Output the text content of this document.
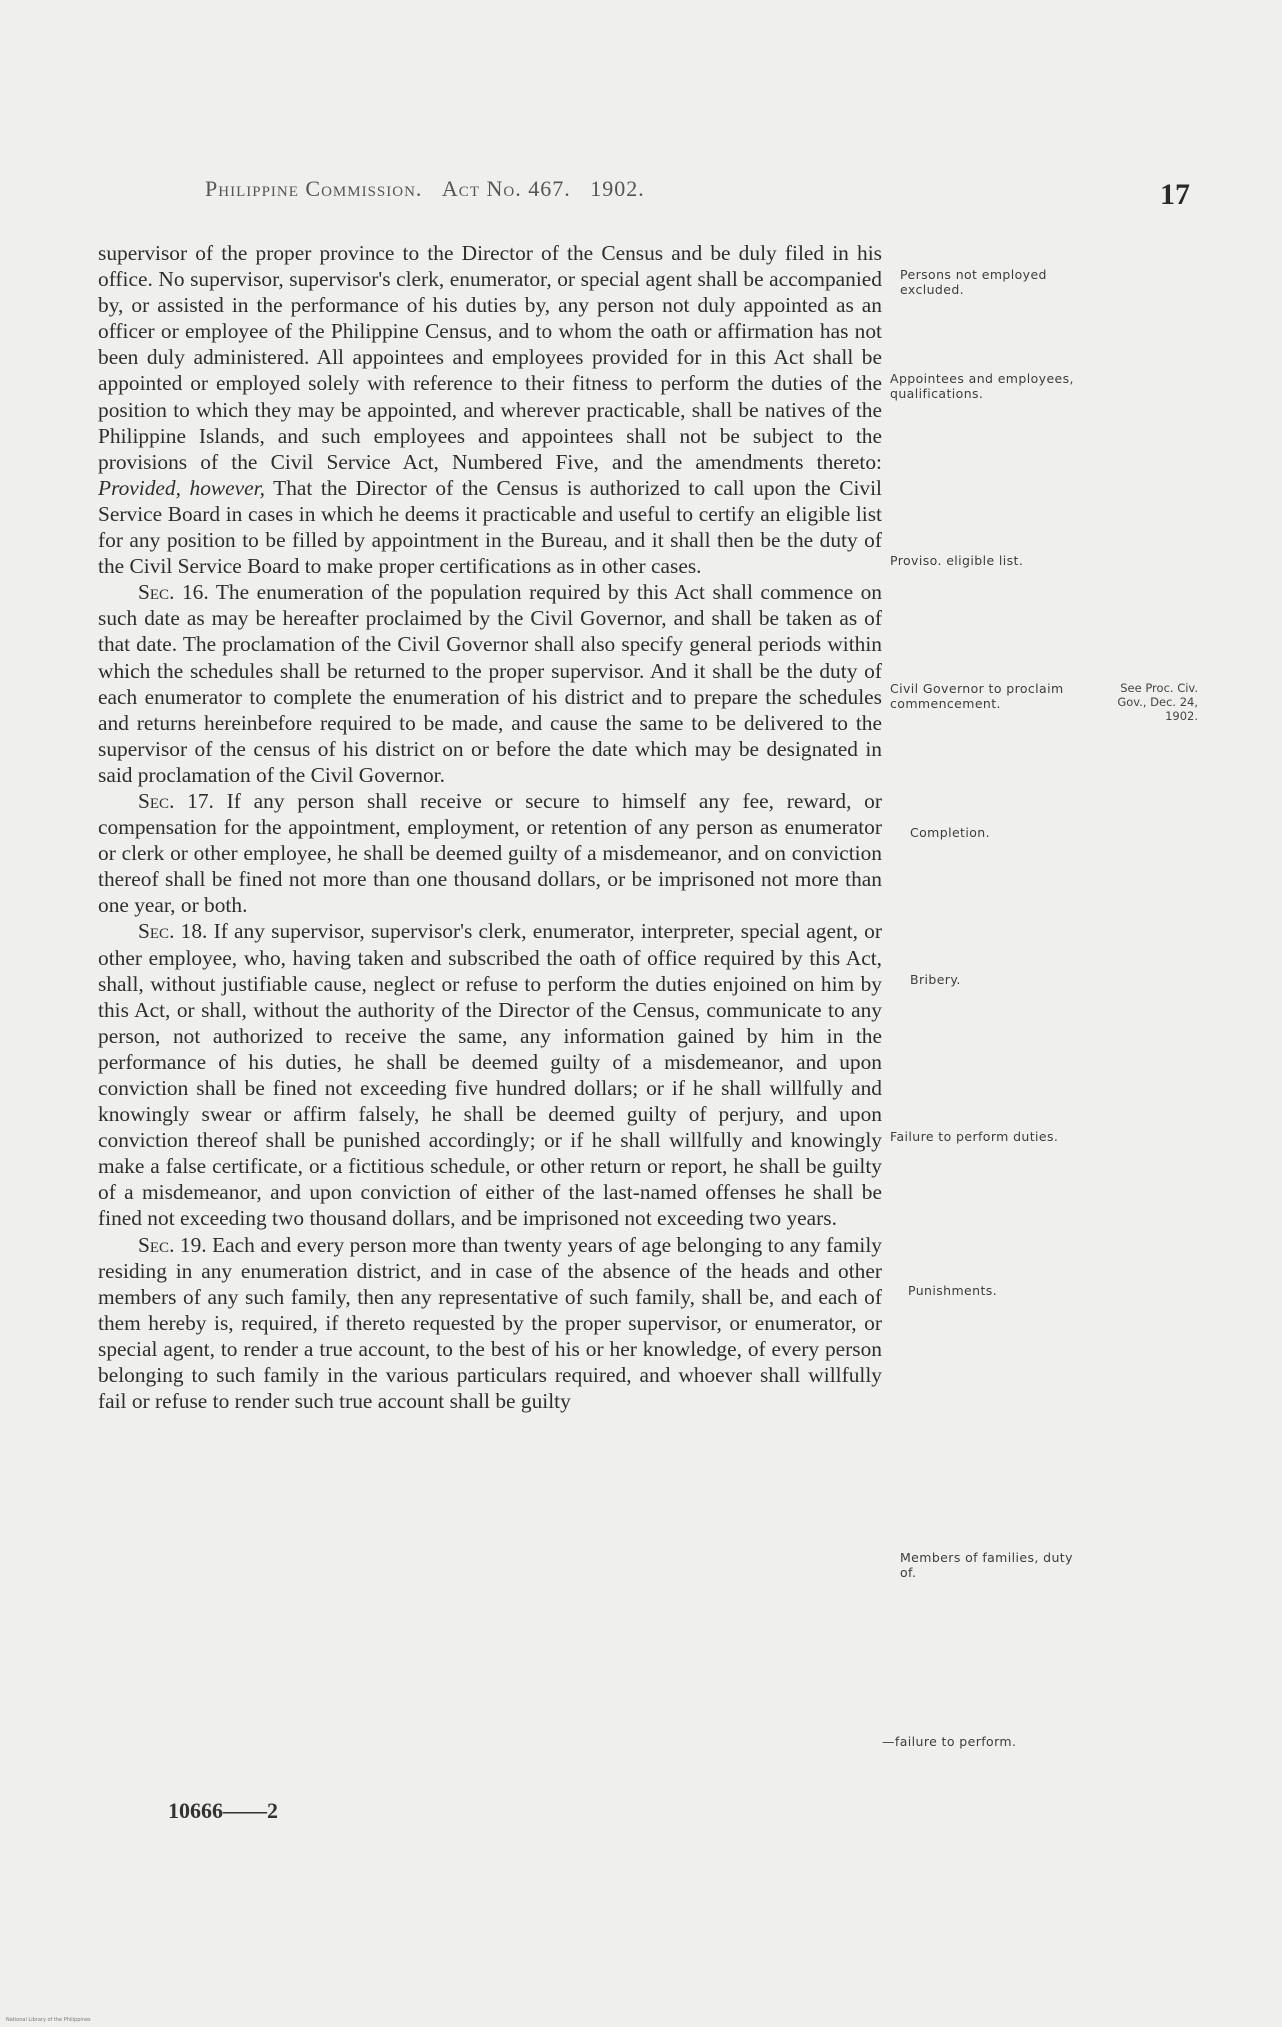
Philippine Commission. Act No. 467. 1902.	17

supervisor of the proper province to the Director of the Census and be duly filed in his office. No supervisor, supervisor's clerk, enumerator, or special agent shall be accompanied by, or assisted in the performance of his duties by, any person not duly appointed as an officer or employee of the Philippine Census, and to whom the oath or affirmation has not been duly administered. All appointees and employees provided for in this Act shall be appointed or employed solely with reference to their fitness to perform the duties of the position to which they may be appointed, and wherever practicable, shall be natives of the Philippine Islands, and such employees and appointees shall not be subject to the provisions of the Civil Service Act, Numbered Five, and the amendments thereto: Provided, however, That the Director of the Census is authorized to call upon the Civil Service Board in cases in which he deems it practicable and useful to certify an eligible list for any position to be filled by appointment in the Bureau, and it shall then be the duty of the Civil Service Board to make proper certifications as in other cases.

Sec. 16. The enumeration of the population required by this Act shall commence on such date as may be hereafter proclaimed by the Civil Governor, and shall be taken as of that date. The proclamation of the Civil Governor shall also specify general periods within which the schedules shall be returned to the proper supervisor. And it shall be the duty of each enumerator to complete the enumeration of his district and to prepare the schedules and returns hereinbefore required to be made, and cause the same to be delivered to the supervisor of the census of his district on or before the date which may be designated in said proclamation of the Civil Governor.

Sec. 17. If any person shall receive or secure to himself any fee, reward, or compensation for the appointment, employment, or retention of any person as enumerator or clerk or other employee, he shall be deemed guilty of a misdemeanor, and on conviction thereof shall be fined not more than one thousand dollars, or be imprisoned not more than one year, or both.

Sec. 18. If any supervisor, supervisor's clerk, enumerator, interpreter, special agent, or other employee, who, having taken and subscribed the oath of office required by this Act, shall, without justifiable cause, neglect or refuse to perform the duties enjoined on him by this Act, or shall, without the authority of the Director of the Census, communicate to any person, not authorized to receive the same, any information gained by him in the performance of his duties, he shall be deemed guilty of a misdemeanor, and upon conviction shall be fined not exceeding five hundred dollars; or if he shall willfully and knowingly swear or affirm falsely, he shall be deemed guilty of perjury, and upon conviction thereof shall be punished accordingly; or if he shall willfully and knowingly make a false certificate, or a fictitious schedule, or other return or report, he shall be guilty of a misdemeanor, and upon conviction of either of the last-named offenses he shall be fined not exceeding two thousand dollars, and be imprisoned not exceeding two years.

Sec. 19. Each and every person more than twenty years of age belonging to any family residing in any enumeration district, and in case of the absence of the heads and other members of any such family, then any representative of such family, shall be, and each of them hereby is, required, if thereto requested by the proper supervisor, or enumerator, or special agent, to render a true account, to the best of his or her knowledge, of every person belonging to such family in the various particulars required, and whoever shall willfully fail or refuse to render such true account shall be guilty

Persons not employed excluded.
Appointees and employees, qualifications.
Proviso. eligible list.
Civil Governor to proclaim commencement.
Completion.
Bribery.
Failure to perform duties.
Punishments.
Members of families, duty of.
—failure to perform.
See Proc. Civ. Gov., Dec. 24, 1902.
10666——2
National Library of the Philippines
